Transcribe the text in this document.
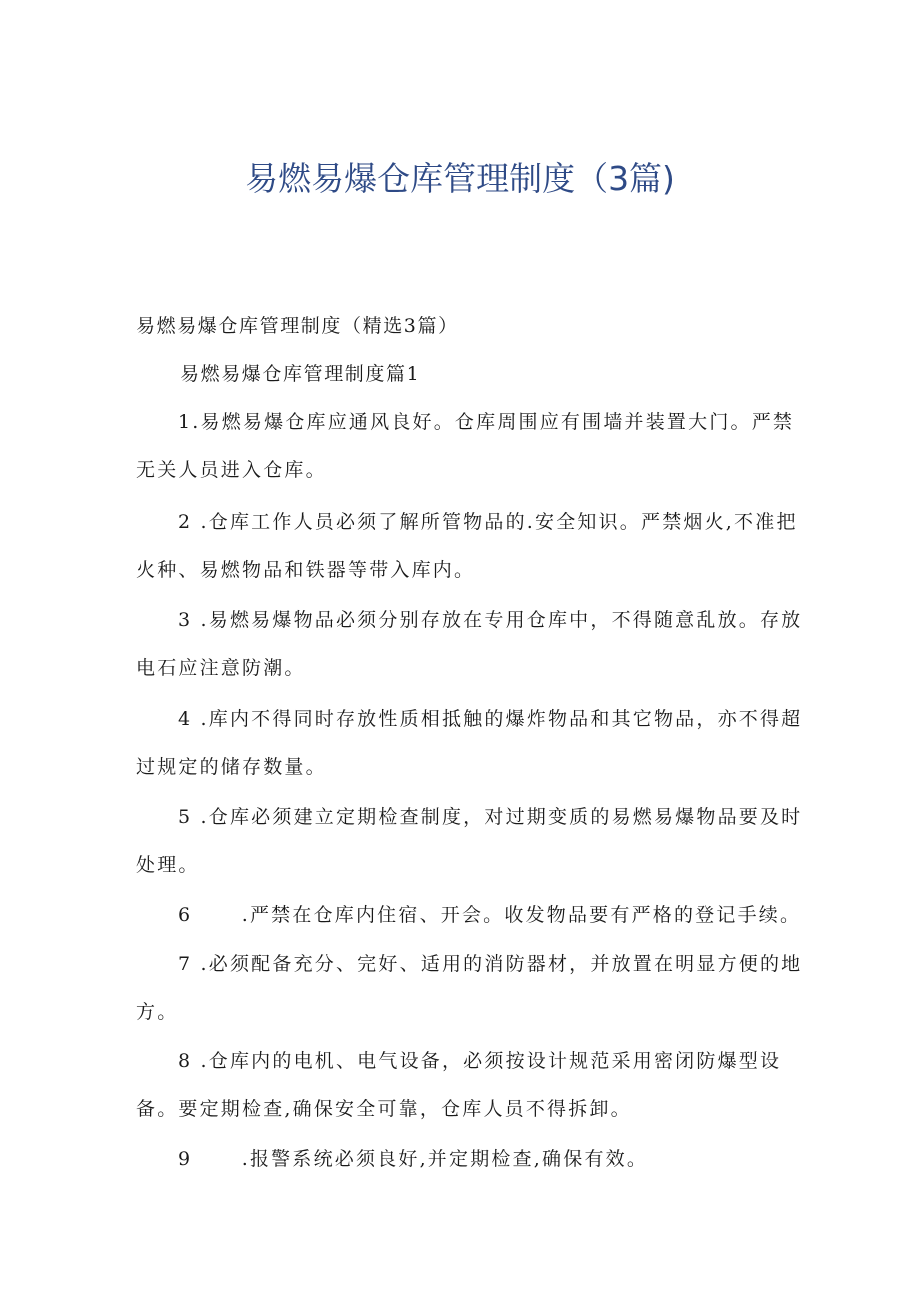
易燃易爆仓库管理制度（3篇)
易燃易爆仓库管理制度（精选3篇）
易燃易爆仓库管理制度篇1
1.易燃易爆仓库应通风良好。仓库周围应有围墙并装置大门。严禁
无关人员进入仓库。
2 .仓库工作人员必须了解所管物品的.安全知识。严禁烟火,不准把
火种、易燃物品和铁器等带入库内。
3 .易燃易爆物品必须分别存放在专用仓库中，不得随意乱放。存放
电石应注意防潮。
4 .库内不得同时存放性质相抵触的爆炸物品和其它物品，亦不得超
过规定的储存数量。
5 .仓库必须建立定期检查制度，对过期变质的易燃易爆物品要及时
处理。
6      .严禁在仓库内住宿、开会。收发物品要有严格的登记手续。
7 .必须配备充分、完好、适用的消防器材，并放置在明显方便的地
方。
8 .仓库内的电机、电气设备，必须按设计规范采用密闭防爆型设
备。要定期检查,确保安全可靠，仓库人员不得拆卸。
9      .报警系统必须良好,并定期检查,确保有效。
